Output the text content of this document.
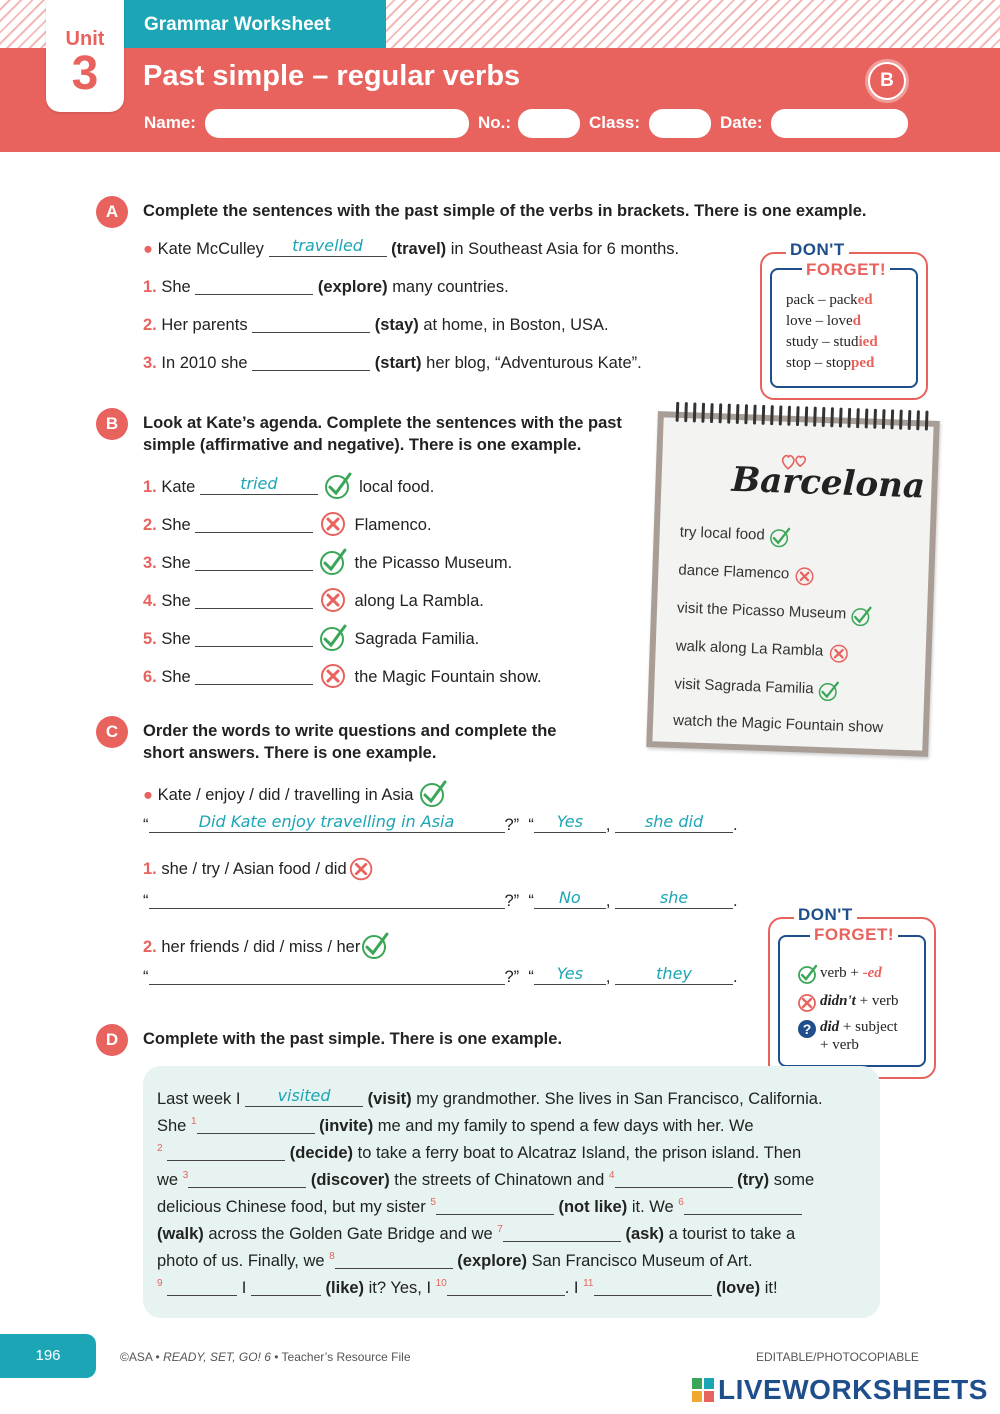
Grammar Worksheet
Unit
3	Past simple – regular verbs	B
Name:	No.:	Class:	Date:
A	Complete the sentences with the past simple of the verbs in brackets. There is one example.
● Kate McCulley	travelled	(travel) in Southeast Asia for 6 months.
1. She	(explore) many countries.
2. Her parents	(stay) at home, in Boston, USA.
3. In 2010 she	(start) her blog, “Adventurous Kate”.
DON'T
FORGET!
pack – packed
love – loved
study – studied
stop – stopped
B	Look at Kate’s agenda. Complete the sentences with the past
simple (affirmative and negative). There is one example.
1. Kate	tried	local food.
2. She	Flamenco.
3. She	the Picasso Museum.
4. She	along La Rambla.
5. She	Sagrada Familia.
6. She	the Magic Fountain show.
Barcelona
try local food
dance Flamenco
visit the Picasso Museum
walk along La Rambla
visit Sagrada Familia
watch the Magic Fountain show
C	Order the words to write questions and complete the
short answers. There is one example.
● Kate / enjoy / did / travelling in Asia
“	Did Kate enjoy travelling in Asia	?” “	Yes	,	she did	.
“	?” “	No	,	she	.
“	?” “	Yes	,	they	.
1. she / try / Asian food / did
2. her friends / did / miss / her
DON'T
FORGET!
verb + -ed
didn't + verb
? did + subject
+ verb
D	Complete with the past simple. There is one example.
Last week I	visited	(visit) my grandmother. She lives in San Francisco, California.
She $^1$	(invite) me and my family to spend a few days with her. We
$^2$	(decide) to take a ferry boat to Alcatraz Island, the prison island. Then
we $^3$	(discover) the streets of Chinatown and $^4$	(try) some
delicious Chinese food, but my sister $^5$	(not like) it. We $^6$
(walk) across the Golden Gate Bridge and we $^7$	(ask) a tourist to take a
photo of us. Finally, we $^8$	(explore) San Francisco Museum of Art.
$^9$	I	(like) it? Yes, I $^{10}$	. I $^{11}$	(love) it!
196	©ASA • READY, SET, GO! 6 • Teacher’s Resource File	EDITABLE/PHOTOCOPIABLE
LIVEWORKSHEETS
